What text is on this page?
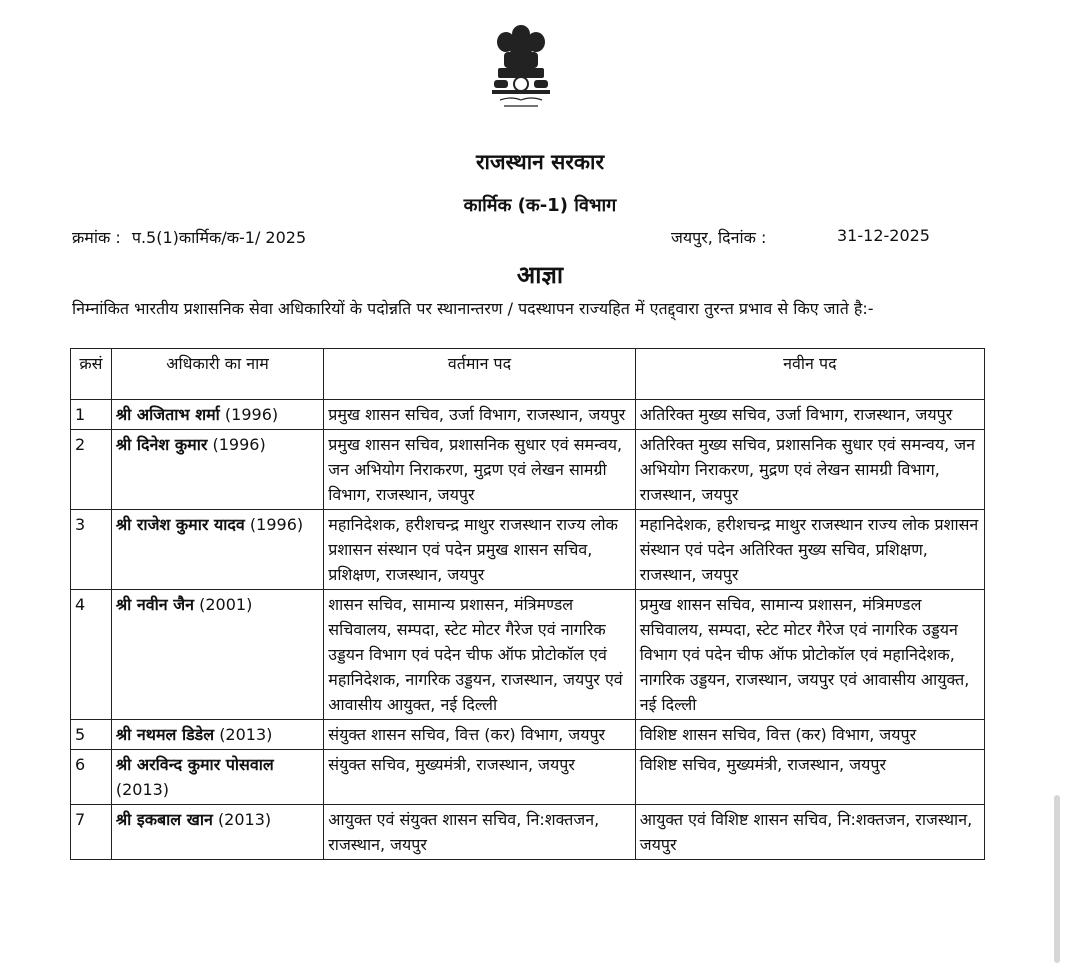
राजस्थान सरकार
कार्मिक (क-1) विभाग
क्रमांक : प.5(1)कार्मिक/क-1/ 2025	जयपुर, दिनांक :	31-12-2025
आज्ञा
निम्नांकित भारतीय प्रशासनिक सेवा अधिकारियों के पदोन्नति पर स्थानान्तरण / पदस्थापन राज्यहित में एतद्द्वारा तुरन्त प्रभाव से किए जाते है:-
क्रसं	अधिकारी का नाम	वर्तमान पद	नवीन पद
1	श्री अजिताभ शर्मा (1996)	प्रमुख शासन सचिव, उर्जा विभाग, राजस्थान, जयपुर	अतिरिक्त मुख्य सचिव, उर्जा विभाग, राजस्थान, जयपुर
2	श्री दिनेश कुमार (1996)	प्रमुख शासन सचिव, प्रशासनिक सुधार एवं समन्वय, जन अभियोग निराकरण, मुद्रण एवं लेखन सामग्री विभाग, राजस्थान, जयपुर	अतिरिक्त मुख्य सचिव, प्रशासनिक सुधार एवं समन्वय, जन अभियोग निराकरण, मुद्रण एवं लेखन सामग्री विभाग, राजस्थान, जयपुर
3	श्री राजेश कुमार यादव (1996)	महानिदेशक, हरीशचन्द्र माथुर राजस्थान राज्य लोक प्रशासन संस्थान एवं पदेन प्रमुख शासन सचिव, प्रशिक्षण, राजस्थान, जयपुर	महानिदेशक, हरीशचन्द्र माथुर राजस्थान राज्य लोक प्रशासन संस्थान एवं पदेन अतिरिक्त मुख्य सचिव, प्रशिक्षण, राजस्थान, जयपुर
4	श्री नवीन जैन (2001)	शासन सचिव, सामान्य प्रशासन, मंत्रिमण्डल सचिवालय, सम्पदा, स्टेट मोटर गैरेज एवं नागरिक उड्डयन विभाग एवं पदेन चीफ ऑफ प्रोटोकॉल एवं महानिदेशक, नागरिक उड्डयन, राजस्थान, जयपुर एवं आवासीय आयुक्त, नई दिल्ली	प्रमुख शासन सचिव, सामान्य प्रशासन, मंत्रिमण्डल सचिवालय, सम्पदा, स्टेट मोटर गैरेज एवं नागरिक उड्डयन विभाग एवं पदेन चीफ ऑफ प्रोटोकॉल एवं महानिदेशक, नागरिक उड्डयन, राजस्थान, जयपुर एवं आवासीय आयुक्त, नई दिल्ली
5	श्री नथमल डिडेल (2013)	संयुक्त शासन सचिव, वित्त (कर) विभाग, जयपुर	विशिष्ट शासन सचिव, वित्त (कर) विभाग, जयपुर
6	श्री अरविन्द कुमार पोसवाल (2013)	संयुक्त सचिव, मुख्यमंत्री, राजस्थान, जयपुर	विशिष्ट सचिव, मुख्यमंत्री, राजस्थान, जयपुर
7	श्री इकबाल खान (2013)	आयुक्त एवं संयुक्त शासन सचिव, नि:शक्तजन, राजस्थान, जयपुर	आयुक्त एवं विशिष्ट शासन सचिव, नि:शक्तजन, राजस्थान, जयपुर
